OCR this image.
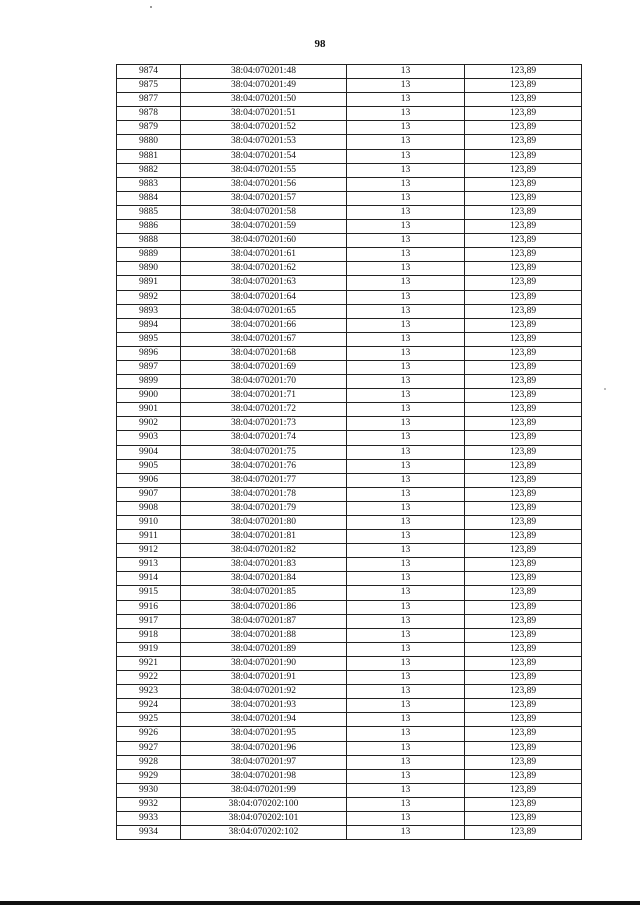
98
9874	38:04:070201:48	13	123,89
9875	38:04:070201:49	13	123,89
9877	38:04:070201:50	13	123,89
9878	38:04:070201:51	13	123,89
9879	38:04:070201:52	13	123,89
9880	38:04:070201:53	13	123,89
9881	38:04:070201:54	13	123,89
9882	38:04:070201:55	13	123,89
9883	38:04:070201:56	13	123,89
9884	38:04:070201:57	13	123,89
9885	38:04:070201:58	13	123,89
9886	38:04:070201:59	13	123,89
9888	38:04:070201:60	13	123,89
9889	38:04:070201:61	13	123,89
9890	38:04:070201:62	13	123,89
9891	38:04:070201:63	13	123,89
9892	38:04:070201:64	13	123,89
9893	38:04:070201:65	13	123,89
9894	38:04:070201:66	13	123,89
9895	38:04:070201:67	13	123,89
9896	38:04:070201:68	13	123,89
9897	38:04:070201:69	13	123,89
9899	38:04:070201:70	13	123,89
9900	38:04:070201:71	13	123,89
9901	38:04:070201:72	13	123,89
9902	38:04:070201:73	13	123,89
9903	38:04:070201:74	13	123,89
9904	38:04:070201:75	13	123,89
9905	38:04:070201:76	13	123,89
9906	38:04:070201:77	13	123,89
9907	38:04:070201:78	13	123,89
9908	38:04:070201:79	13	123,89
9910	38:04:070201:80	13	123,89
9911	38:04:070201:81	13	123,89
9912	38:04:070201:82	13	123,89
9913	38:04:070201:83	13	123,89
9914	38:04:070201:84	13	123,89
9915	38:04:070201:85	13	123,89
9916	38:04:070201:86	13	123,89
9917	38:04:070201:87	13	123,89
9918	38:04:070201:88	13	123,89
9919	38:04:070201:89	13	123,89
9921	38:04:070201:90	13	123,89
9922	38:04:070201:91	13	123,89
9923	38:04:070201:92	13	123,89
9924	38:04:070201:93	13	123,89
9925	38:04:070201:94	13	123,89
9926	38:04:070201:95	13	123,89
9927	38:04:070201:96	13	123,89
9928	38:04:070201:97	13	123,89
9929	38:04:070201:98	13	123,89
9930	38:04:070201:99	13	123,89
9932	38:04:070202:100	13	123,89
9933	38:04:070202:101	13	123,89
9934	38:04:070202:102	13	123,89
